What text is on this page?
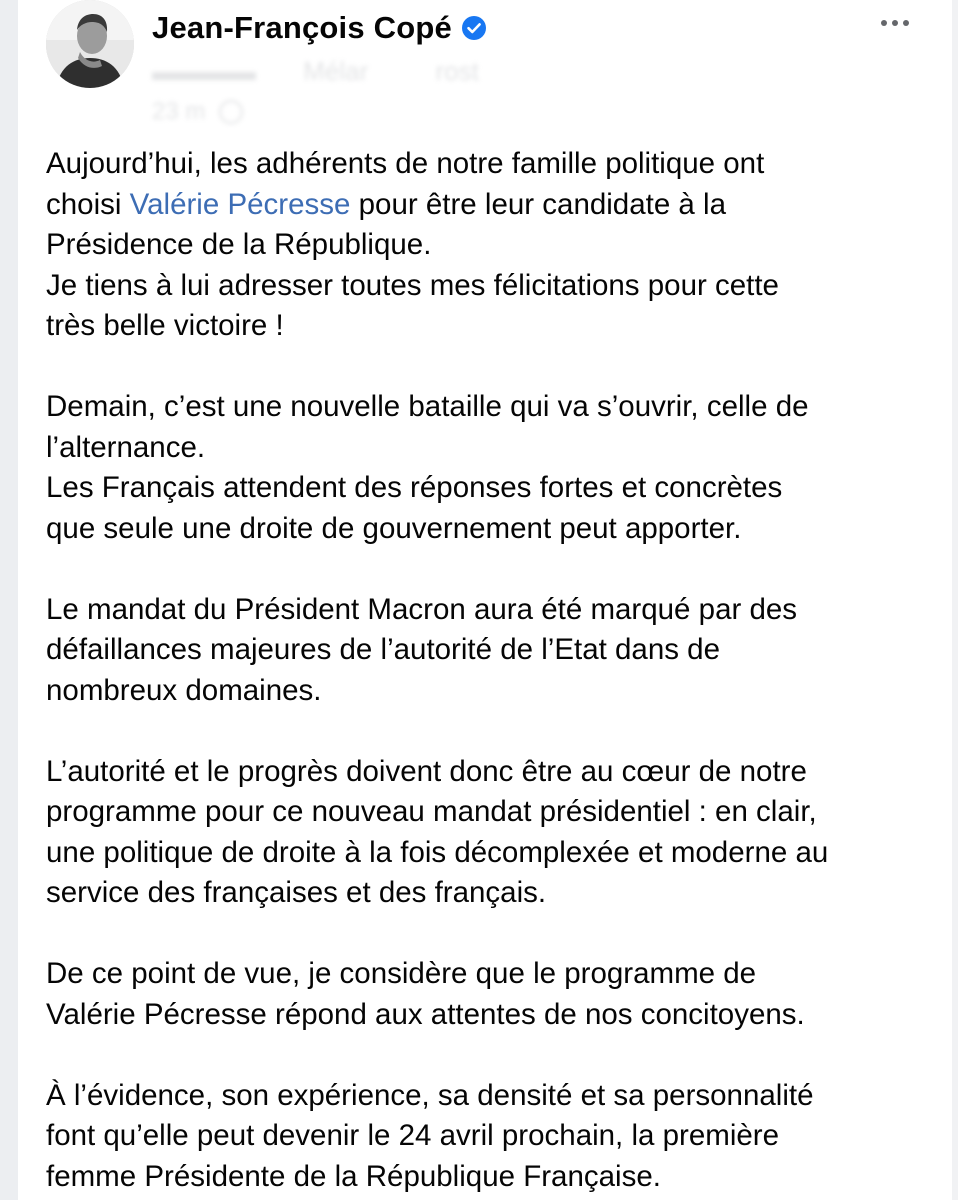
Jean-François Copé
▬▬▬▬ Mélar	rost
23 m

Aujourd’hui, les adhérents de notre famille politique ont
choisi Valérie Pécresse pour être leur candidate à la
Présidence de la République.
Je tiens à lui adresser toutes mes félicitations pour cette
très belle victoire !

Demain, c’est une nouvelle bataille qui va s’ouvrir, celle de
l’alternance.
Les Français attendent des réponses fortes et concrètes
que seule une droite de gouvernement peut apporter.

Le mandat du Président Macron aura été marqué par des
défaillances majeures de l’autorité de l’Etat dans de
nombreux domaines.

L’autorité et le progrès doivent donc être au cœur de notre
programme pour ce nouveau mandat présidentiel : en clair,
une politique de droite à la fois décomplexée et moderne au
service des françaises et des français.

De ce point de vue, je considère que le programme de
Valérie Pécresse répond aux attentes de nos concitoyens.

À l’évidence, son expérience, sa densité et sa personnalité
font qu’elle peut devenir le 24 avril prochain, la première
femme Présidente de la République Française.
